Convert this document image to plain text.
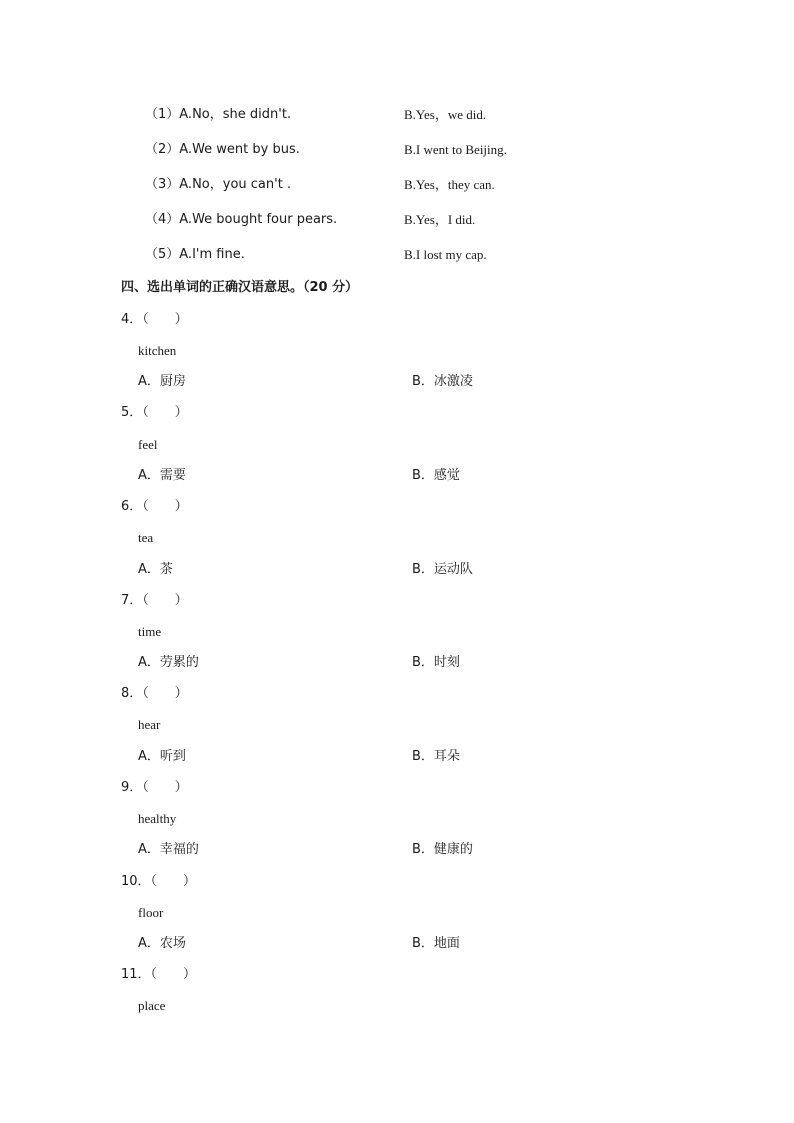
（1）A.No，she didn't.	B.Yes，we did.
（2）A.We went by bus.	B.I went to Beijing.
（3）A.No，you can't .	B.Yes，they can.
（4）A.We bought four pears.	B.Yes，I did.
（5）A.I'm fine.	B.I lost my cap.
四、选出单词的正确汉语意思。（20 分）
4．（　　）
kitchen
A．厨房	B．冰激凌
5．（　　）
feel
A．需要	B．感觉
6．（　　）
tea
A．茶	B．运动队
7．（　　）
time
A．劳累的	B．时刻
8．（　　）
hear
A．听到	B．耳朵
9．（　　）
healthy
A．幸福的	B．健康的
10．（　　）
floor
A．农场	B．地面
11．（　　）
place
